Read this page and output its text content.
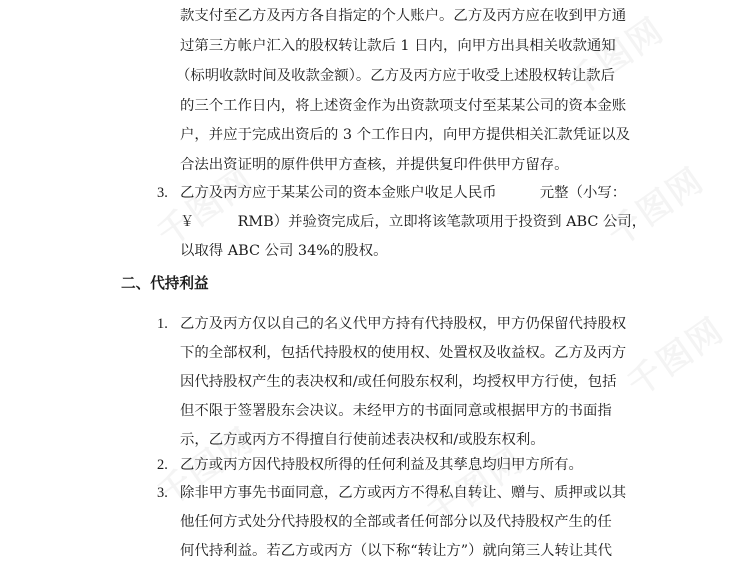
款支付至乙方及丙方各自指定的个人账户。乙方及丙方应在收到甲方通
过第三方帐户汇入的股权转让款后 1 日内，向甲方出具相关收款通知
（标明收款时间及收款金额）。乙方及丙方应于收受上述股权转让款后
的三个工作日内，将上述资金作为出资款项支付至某某公司的资本金账
户，并应于完成出资后的 3 个工作日内，向甲方提供相关汇款凭证以及
合法出资证明的原件供甲方查核，并提供复印件供甲方留存。
3. 乙方及丙方应于某某公司的资本金账户收足人民币　　　元整（小写：
￥　　　RMB）并验资完成后，立即将该笔款项用于投资到 ABC 公司，
以取得 ABC 公司 34%的股权。
二、代持利益
1. 乙方及丙方仅以自己的名义代甲方持有代持股权，甲方仍保留代持股权
下的全部权利，包括代持股权的使用权、处置权及收益权。乙方及丙方
因代持股权产生的表决权和/或任何股东权利，均授权甲方行使，包括
但不限于签署股东会决议。未经甲方的书面同意或根据甲方的书面指
示，乙方或丙方不得擅自行使前述表决权和/或股东权利。
2. 乙方或丙方因代持股权所得的任何利益及其孳息均归甲方所有。
3. 除非甲方事先书面同意，乙方或丙方不得私自转让、赠与、质押或以其
他任何方式处分代持股权的全部或者任何部分以及代持股权产生的任
何代持利益。若乙方或丙方（以下称“转让方”）就向第三人转让其代
